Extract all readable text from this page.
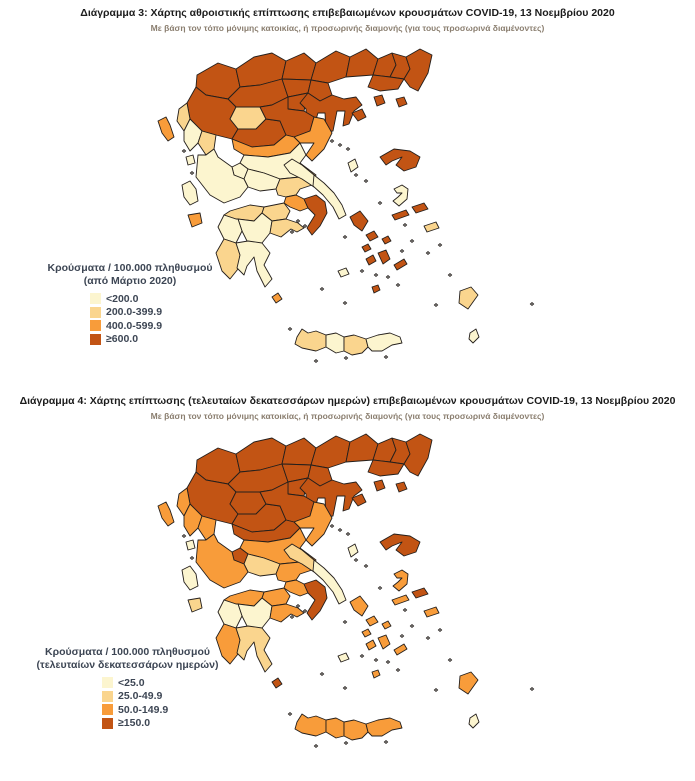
Διάγραμμα 3: Χάρτης αθροιστικής επίπτωσης επιβεβαιωμένων κρουσμάτων COVID-19, 13 Νοεμβρίου 2020
Με βάση τον τόπο μόνιμης κατοικίας, ή προσωρινής διαμονής (για τους προσωρινά διαμένοντες)
Κρούσματα / 100.000 πληθυσμού
(από Μάρτιο 2020)
<200.0
200.0-399.9
400.0-599.9
≥600.0
Διάγραμμα 4: Χάρτης επίπτωσης (τελευταίων δεκατεσσάρων ημερών) επιβεβαιωμένων κρουσμάτων COVID-19, 13 Νοεμβρίου 2020
Με βάση τον τόπο μόνιμης κατοικίας, ή προσωρινής διαμονής (για τους προσωρινά διαμένοντες)
Κρούσματα / 100.000 πληθυσμού
(τελευταίων δεκατεσσάρων ημερών)
<25.0
25.0-49.9
50.0-149.9
≥150.0
